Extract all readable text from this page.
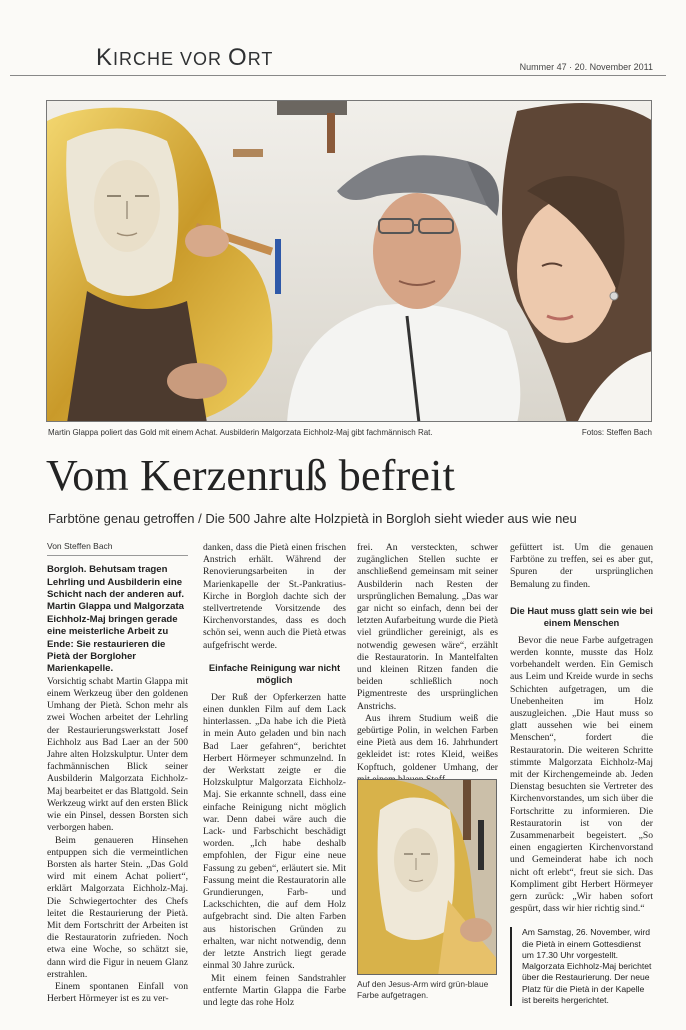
KIRCHE VOR ORT	Nummer 47 · 20. November 2011
Martin Glappa poliert das Gold mit einem Achat. Ausbilderin Malgorzata Eichholz-Maj gibt fachmännisch Rat.	Fotos: Steffen Bach
Vom Kerzenruß befreit
Farbtöne genau getroffen / Die 500 Jahre alte Holzpietà in Borgloh sieht wieder aus wie neu
Von Steffen Bach

Borgloh. Behutsam tragen Lehrling und Ausbilderin eine Schicht nach der anderen auf. Martin Glappa und Malgorzata Eichholz-Maj bringen gerade eine meisterliche Arbeit zu Ende: Sie restaurieren die Pietà der Borgloher Marienkapelle.

Vorsichtig schabt Martin Glappa mit einem Werkzeug über den goldenen Umhang der Pietà. Schon mehr als zwei Wochen arbeitet der Lehrling der Restaurierungswerkstatt Josef Eichholz aus Bad Laer an der 500 Jahre alten Holzskulptur. Unter dem fachmännischen Blick seiner Ausbilderin Malgorzata Eichholz-Maj bearbeitet er das Blattgold. Sein Werkzeug wirkt auf den ersten Blick wie ein Pinsel, dessen Borsten sich verborgen haben.

Beim genaueren Hinsehen entpuppen sich die vermeintlichen Borsten als harter Stein. „Das Gold wird mit einem Achat poliert“, erklärt Malgorzata Eichholz-Maj. Die Schwiegertochter des Chefs leitet die Restaurierung der Pietà. Mit dem Fortschritt der Arbeiten ist die Restauratorin zufrieden. Noch etwa eine Woche, so schätzt sie, dann wird die Figur in neuem Glanz erstrahlen.

Einem spontanen Einfall von Herbert Hörmeyer ist es zu ver-

danken, dass die Pietà einen frischen Anstrich erhält. Während der Renovierungsarbeiten in der Marienkapelle der St.-Pankratius-Kirche in Borgloh dachte sich der stellvertretende Vorsitzende des Kirchenvorstandes, dass es doch schön sei, wenn auch die Pietà etwas aufgefrischt werde.

Einfache Reinigung war nicht möglich

Der Ruß der Opferkerzen hatte einen dunklen Film auf dem Lack hinterlassen. „Da habe ich die Pietà in mein Auto geladen und bin nach Bad Laer gefahren“, berichtet Herbert Hörmeyer schmunzelnd. In der Werkstatt zeigte er die Holzskulptur Malgorzata Eichholz-Maj. Sie erkannte schnell, dass eine einfache Reinigung nicht möglich war. Denn dabei wäre auch die Lack- und Farbschicht beschädigt worden. „Ich habe deshalb empfohlen, der Figur eine neue Fassung zu geben“, erläutert sie. Mit Fassung meint die Restauratorin alle Grundierungen, Farb- und Lackschichten, die auf dem Holz aufgebracht sind. Die alten Farben aus historischen Gründen zu erhalten, war nicht notwendig, denn der letzte Anstrich liegt gerade einmal 30 Jahre zurück.

Mit einem feinen Sandstrahler entfernte Martin Glappa die Farbe und legte das rohe Holz

frei. An versteckten, schwer zugänglichen Stellen suchte er anschließend gemeinsam mit seiner Ausbilderin nach Resten der ursprünglichen Bemalung. „Das war gar nicht so einfach, denn bei der letzten Aufarbeitung wurde die Pietà viel gründlicher gereinigt, als es notwendig gewesen wäre“, erzählt die Restauratorin. In Mantelfalten und kleinen Ritzen fanden die beiden schließlich noch Pigmentreste des ursprünglichen Anstrichs.

Aus ihrem Studium weiß die gebürtige Polin, in welchen Farben eine Pietà aus dem 16. Jahrhundert gekleidet ist: rotes Kleid, weißes Kopftuch, goldener Umhang, der

Auf den Jesus-Arm wird grün-blaue Farbe aufgetragen.

gefüttert ist. Um die genauen Farbtöne zu treffen, sei es aber gut, Spuren der ursprünglichen Bemalung zu finden.

Die Haut muss glatt sein wie bei einem Menschen

Bevor die neue Farbe aufgetragen werden konnte, musste das Holz vorbehandelt werden. Ein Gemisch aus Leim und Kreide wurde in sechs Schichten aufgetragen, um die Unebenheiten im Holz auszugleichen. „Die Haut muss so glatt aussehen wie bei einem Menschen“, fordert die Restauratorin. Die weiteren Schritte stimmte Malgorzata Eichholz-Maj mit der Kirchengemeinde ab. Jeden Dienstag besuchten sie Vertreter des Kirchenvorstandes, um sich über die Fortschritte zu informieren. Die Restauratorin ist von der Zusammenarbeit begeistert. „So einen engagierten Kirchenvorstand und Gemeinderat habe ich noch nicht oft erlebt“, freut sie sich. Das Kompliment gibt Herbert Hörmeyer gern zurück: „Wir haben sofort gespürt, dass wir hier richtig sind.“

Am Samstag, 26. November, wird die Pietà in einem Gottesdienst um 17.30 Uhr vorgestellt. Malgorzata Eichholz-Maj berichtet über die Restaurierung. Der neue Platz für die Pietà in der Kapelle ist bereits hergerichtet.
